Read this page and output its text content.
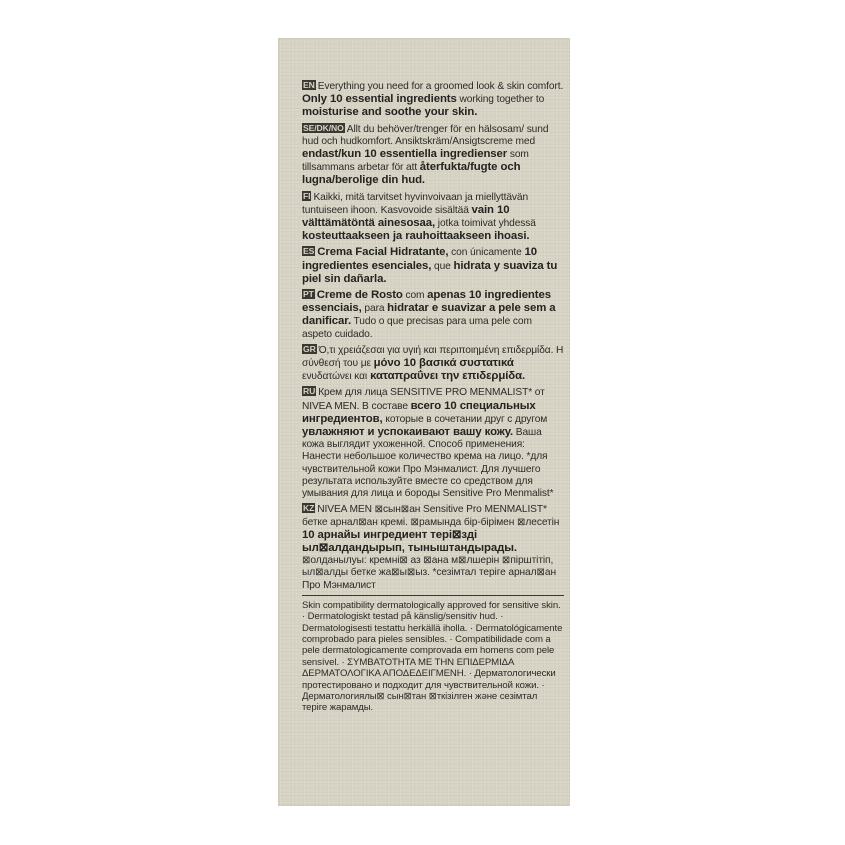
EN Everything you need for a groomed look & skin comfort. Only 10 essential ingredients working together to moisturise and soothe your skin.
SE/DK/NO Allt du behöver/trenger för en hälsosam/ sund hud och hudkomfort. Ansiktskräm/Ansigtscreme med endast/kun 10 essentiella ingredienser som tillsammans arbetar för att återfukta/fugte och lugna/berolige din hud.
FI Kaikki, mitä tarvitset hyvinvoivaan ja miellyttävän tuntuiseen ihoon. Kasvovoide sisältää vain 10 välttämätöntä ainesosaa, jotka toimivat yhdessä kosteuttaakseen ja rauhoittaakseen ihoasi.
ES Crema Facial Hidratante, con únicamente 10 ingredientes esenciales, que hidrata y suaviza tu piel sin dañarla.
PT Creme de Rosto com apenas 10 ingredientes essenciais, para hidratar e suavizar a pele sem a danificar. Tudo o que precisas para uma pele com aspeto cuidado.
GR Ό,τι χρειάζεσαι για υγιή και περιποιημένη επιδερμίδα. Η σύνθεσή του με μόνο 10 βασικά συστατικά ενυδατώνει και καταπραΰνει την επιδερμίδα.
RU Крем для лица SENSITIVE PRO MENMALIST* от NIVEA MEN. В составе всего 10 специальных ингредиентов, которые в сочетании друг с другом увлажняют и успокаивают вашу кожу. Ваша кожа выглядит ухоженной. Способ применения: Нанести небольшое количество крема на лицо. *для чувствительной кожи Про Мэнмалист. Для лучшего результата используйте вместе со средством для умывания для лица и бороды Sensitive Pro Menmalist*
KZ NIVEA MEN ⊠сын⊠ан Sensitive Pro MENMALIST* бетке арнал⊠ан кремі. ⊠рамында бір-бірімен ⊠лесетін 10 арнайы ингредиент тері⊠зді ыл⊠алдандырып, тыныштандырады. ⊠олданылуы: кремні⊠ аз ⊠ана м⊠лшерін ⊠пірштітіп, ыл⊠алды бетке жа⊠ы⊠ыз. *сезімтал теріге арнал⊠ан Про Мэнмалист
Skin compatibility dermatologically approved for sensitive skin. · Dermatologiskt testad på känslig/sensitiv hud. · Dermatologisesti testattu herkällä iholla. · Dermatológicamente comprobado para pieles sensibles. · Compatibilidade com a pele dermatologicamente comprovada em homens com pele sensível. · ΣΥΜΒΑΤΟΤΗΤΑ ΜΕ ΤΗΝ ΕΠΙΔΕΡΜΙΔΑ ΔΕΡΜΑΤΟΛΟΓΙΚΑ ΑΠΟΔΕΔΕΙΓΜΕΝΗ. · Дерматологически протестировано и подходит для чувствительной кожи. · Дерматологиялы⊠ сын⊠тан ⊠ткізілген және сезімтал теріге жарамды.
